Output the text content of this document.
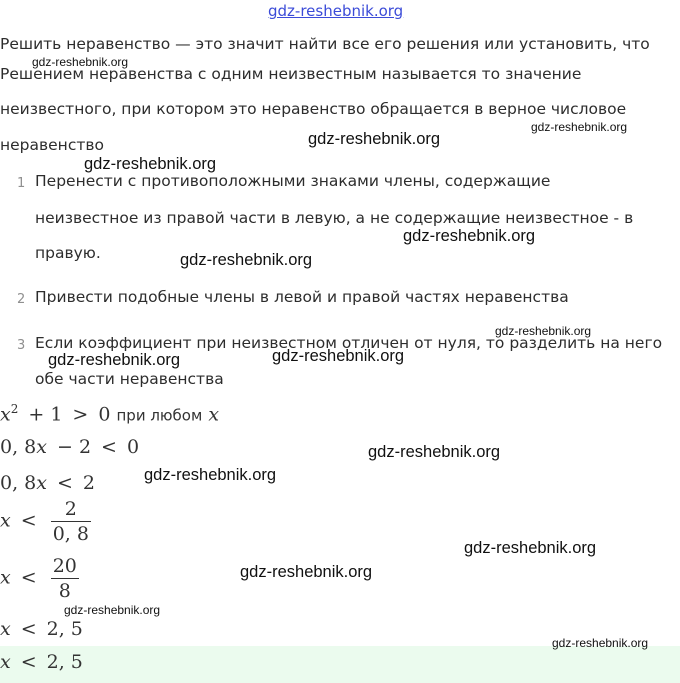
gdz-reshebnik.org
Решить неравенство — это значит найти все его решения или установить, что
Решением неравенства с одним неизвестным называется то значение
неизвестного, при котором это неравенство обращается в верное числовое
неравенство
1 Перенести с противоположными знаками члены, содержащие
неизвестное из правой части в левую, а не содержащие неизвестное - в
правую.
2 Привести подобные члены в левой и правой частях неравенства
3 Если коэффициент при неизвестном отличен от нуля, то разделить на него
обе части неравенства
$x^2 + 1 > 0$ при любом x
0, 8x − 2 < 0
0, 8x < 2
$x < \frac{2}{0, 8}$
$x < \frac{20}{8}$
x < 2, 5
x < 2, 5
gdz-reshebnik.org
gdz-reshebnik.org
gdz-reshebnik.org
gdz-reshebnik.org
gdz-reshebnik.org
gdz-reshebnik.org
gdz-reshebnik.org
gdz-reshebnik.org	gdz-reshebnik.org
gdz-reshebnik.org
gdz-reshebnik.org
gdz-reshebnik.org
gdz-reshebnik.org
gdz-reshebnik.org
gdz-reshebnik.org
